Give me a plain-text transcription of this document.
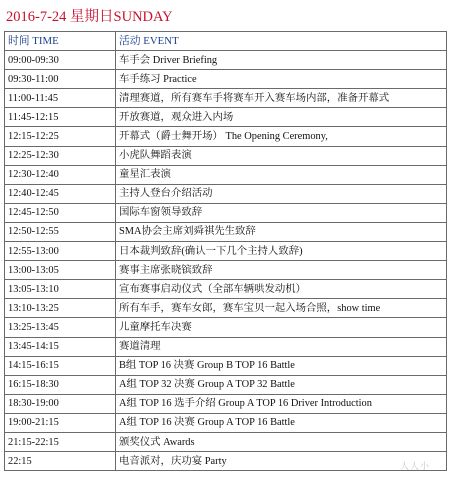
2016-7-24 星期日SUNDAY
时间 TIME	活动 EVENT
09:00-09:30	车手会 Driver Briefing
09:30-11:00	车手练习 Practice
11:00-11:45	清理赛道，所有赛车手将赛车开入赛车场内部，准备开幕式
11:45-12:15	开放赛道，观众进入内场
12:15-12:25	开幕式（爵士舞开场） The Opening Ceremony,
12:25-12:30	小虎队舞蹈表演
12:30-12:40	童星汇表演
12:40-12:45	主持人登台介绍活动
12:45-12:50	国际车窗领导致辞
12:50-12:55	SMA协会主席刘舜祺先生致辞
12:55-13:00	日本裁判致辞(确认一下几个主持人致辞)
13:00-13:05	赛事主席张晓镔致辞
13:05-13:10	宣布赛事启动仪式（全部车辆哄发动机）
13:10-13:25	所有车手，赛车女郎，赛车宝贝一起入场合照，show time
13:25-13:45	儿童摩托车决赛
13:45-14:15	赛道清理
14:15-16:15	B组 TOP 16 决赛 Group B TOP 16 Battle
16:15-18:30	A组 TOP 32 决赛 Group A TOP 32 Battle
18:30-19:00	A组 TOP 16 选手介绍 Group A TOP 16 Driver Introduction
19:00-21:15	A组 TOP 16 决赛 Group A TOP 16 Battle
21:15-22:15	颁奖仪式 Awards
22:15	电音派对，庆功宴 Party
人人小
